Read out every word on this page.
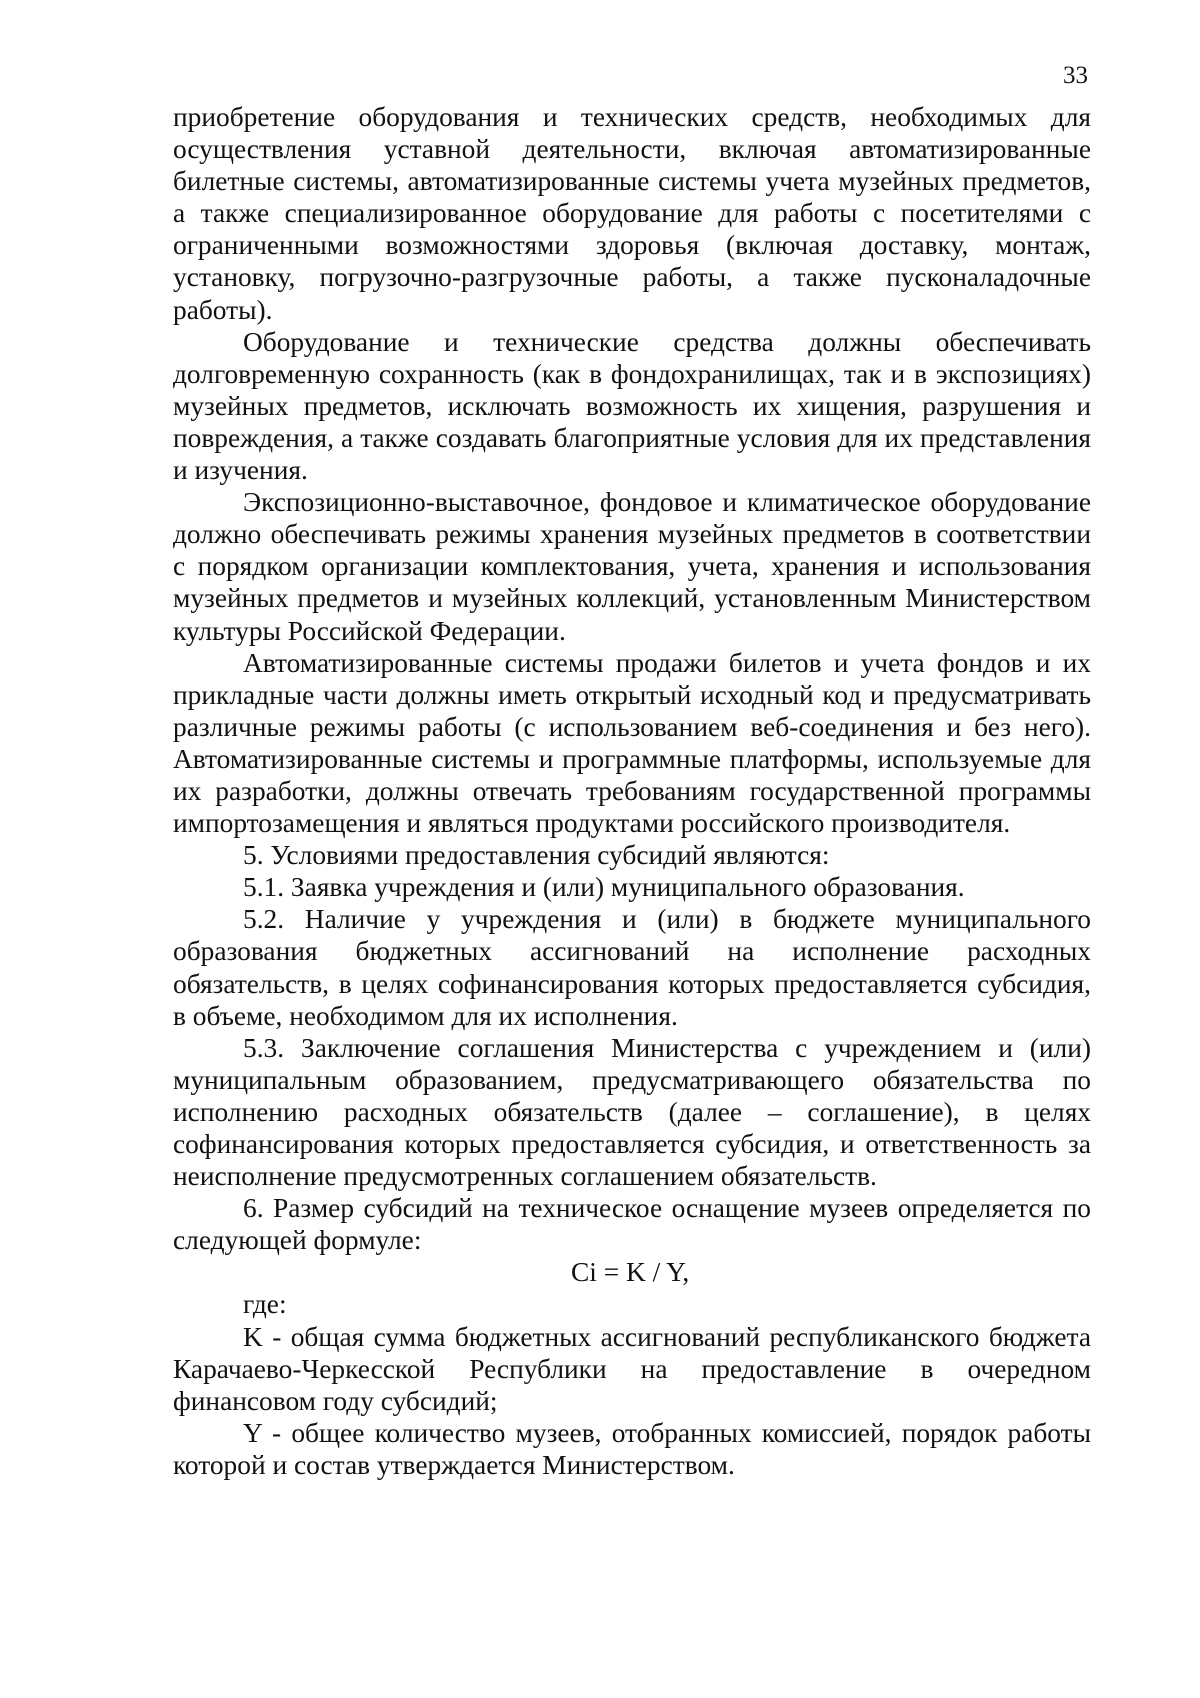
33

приобретение оборудования и технических средств, необходимых для осуществления уставной деятельности, включая автоматизированные билетные системы, автоматизированные системы учета музейных предметов, а также специализированное оборудование для работы с посетителями с ограниченными возможностями здоровья (включая доставку, монтаж, установку, погрузочно-разгрузочные работы, а также пусконаладочные работы).

Оборудование и технические средства должны обеспечивать долговременную сохранность (как в фондохранилищах, так и в экспозициях) музейных предметов, исключать возможность их хищения, разрушения и повреждения, а также создавать благоприятные условия для их представления и изучения.

Экспозиционно-выставочное, фондовое и климатическое оборудование должно обеспечивать режимы хранения музейных предметов в соответствии с порядком организации комплектования, учета, хранения и использования музейных предметов и музейных коллекций, установленным Министерством культуры Российской Федерации.

Автоматизированные системы продажи билетов и учета фондов и их прикладные части должны иметь открытый исходный код и предусматривать различные режимы работы (с использованием веб-соединения и без него). Автоматизированные системы и программные платформы, используемые для их разработки, должны отвечать требованиям государственной программы импортозамещения и являться продуктами российского производителя.

5. Условиями предоставления субсидий являются:

5.1. Заявка учреждения и (или) муниципального образования.

5.2. Наличие у учреждения и (или) в бюджете муниципального образования бюджетных ассигнований на исполнение расходных обязательств, в целях софинансирования которых предоставляется субсидия, в объеме, необходимом для их исполнения.

5.3. Заключение соглашения Министерства с учреждением и (или) муниципальным образованием, предусматривающего обязательства по исполнению расходных обязательств (далее – соглашение), в целях софинансирования которых предоставляется субсидия, и ответственность за неисполнение предусмотренных соглашением обязательств.

6. Размер субсидий на техническое оснащение музеев определяется по следующей формуле:

Ci = K / Y,

где:

K - общая сумма бюджетных ассигнований республиканского бюджета Карачаево-Черкесской Республики на предоставление в очередном финансовом году субсидий;

Y - общее количество музеев, отобранных комиссией, порядок работы которой и состав утверждается Министерством.
